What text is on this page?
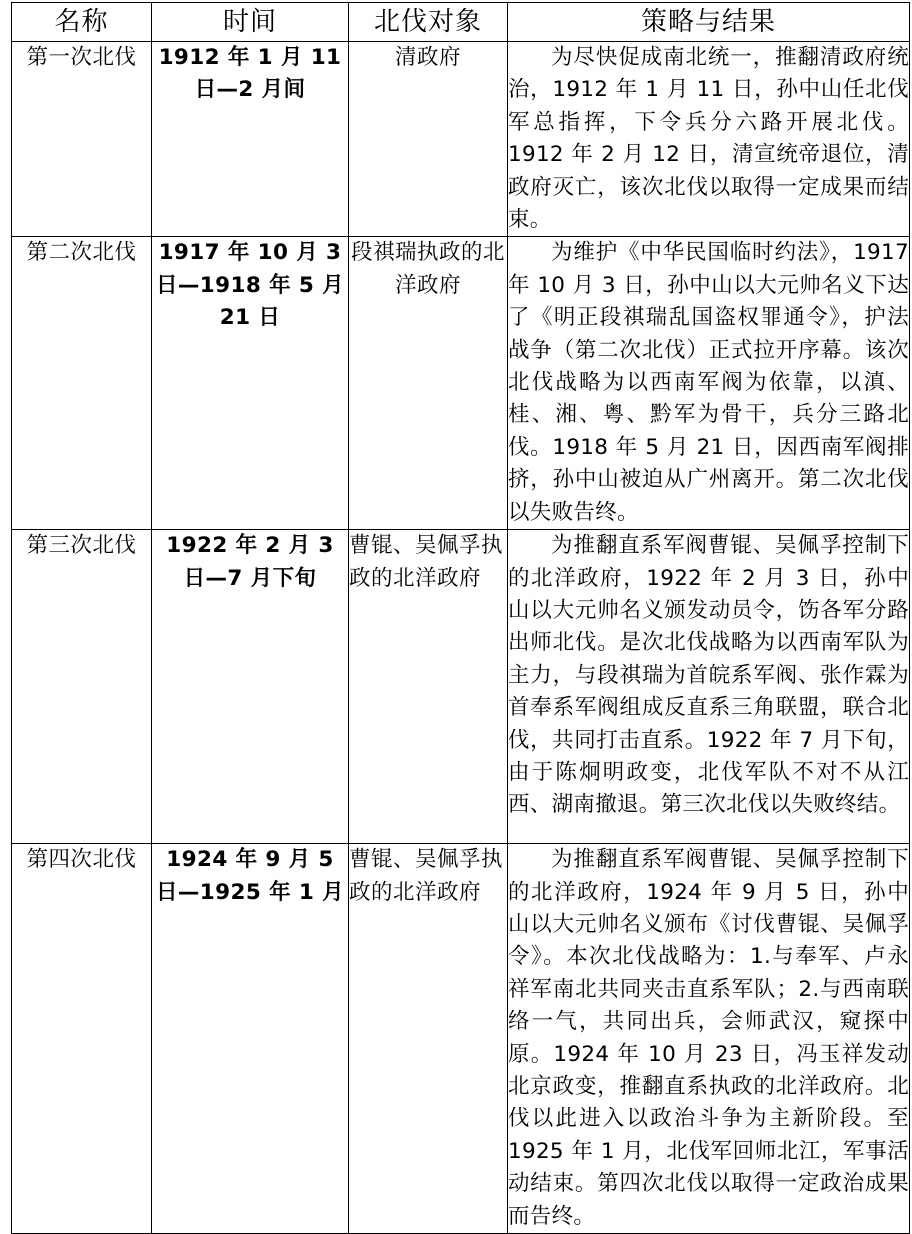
名称	时间	北伐对象	策略与结果
第一次北伐	1912 年 1 月 11 日—2 月间	清政府	为尽快促成南北统一，推翻清政府统治，1912 年 1 月 11 日，孙中山任北伐军总指挥，下令兵分六路开展北伐。1912 年 2 月 12 日，清宣统帝退位，清政府灭亡，该次北伐以取得一定成果而结束。
第二次北伐	1917 年 10 月 3 日—1918 年 5 月 21 日	段祺瑞执政的北洋政府	为维护《中华民国临时约法》，1917 年 10 月 3 日，孙中山以大元帅名义下达了《明正段祺瑞乱国盗权罪通令》，护法战争（第二次北伐）正式拉开序幕。该次北伐战略为以西南军阀为依靠，以滇、桂、湘、粤、黔军为骨干，兵分三路北伐。1918 年 5 月 21 日，因西南军阀排挤，孙中山被迫从广州离开。第二次北伐以失败告终。
第三次北伐	1922 年 2 月 3 日—7 月下旬	曹锟、吴佩孚执政的北洋政府	为推翻直系军阀曹锟、吴佩孚控制下的北洋政府，1922 年 2 月 3 日，孙中山以大元帅名义颁发动员令，饬各军分路出师北伐。是次北伐战略为以西南军队为主力，与段祺瑞为首皖系军阀、张作霖为首奉系军阀组成反直系三角联盟，联合北伐，共同打击直系。1922 年 7 月下旬，由于陈炯明政变，北伐军队不对不从江西、湖南撤退。第三次北伐以失败终结。
第四次北伐	1924 年 9 月 5 日—1925 年 1 月	曹锟、吴佩孚执政的北洋政府	为推翻直系军阀曹锟、吴佩孚控制下的北洋政府，1924 年 9 月 5 日，孙中山以大元帅名义颁布《讨伐曹锟、吴佩孚令》。本次北伐战略为：1.与奉军、卢永祥军南北共同夹击直系军队；2.与西南联络一气，共同出兵，会师武汉，窥探中原。1924 年 10 月 23 日，冯玉祥发动北京政变，推翻直系执政的北洋政府。北伐以此进入以政治斗争为主新阶段。至 1925 年 1 月，北伐军回师北江，军事活动结束。第四次北伐以取得一定政治成果而告终。
